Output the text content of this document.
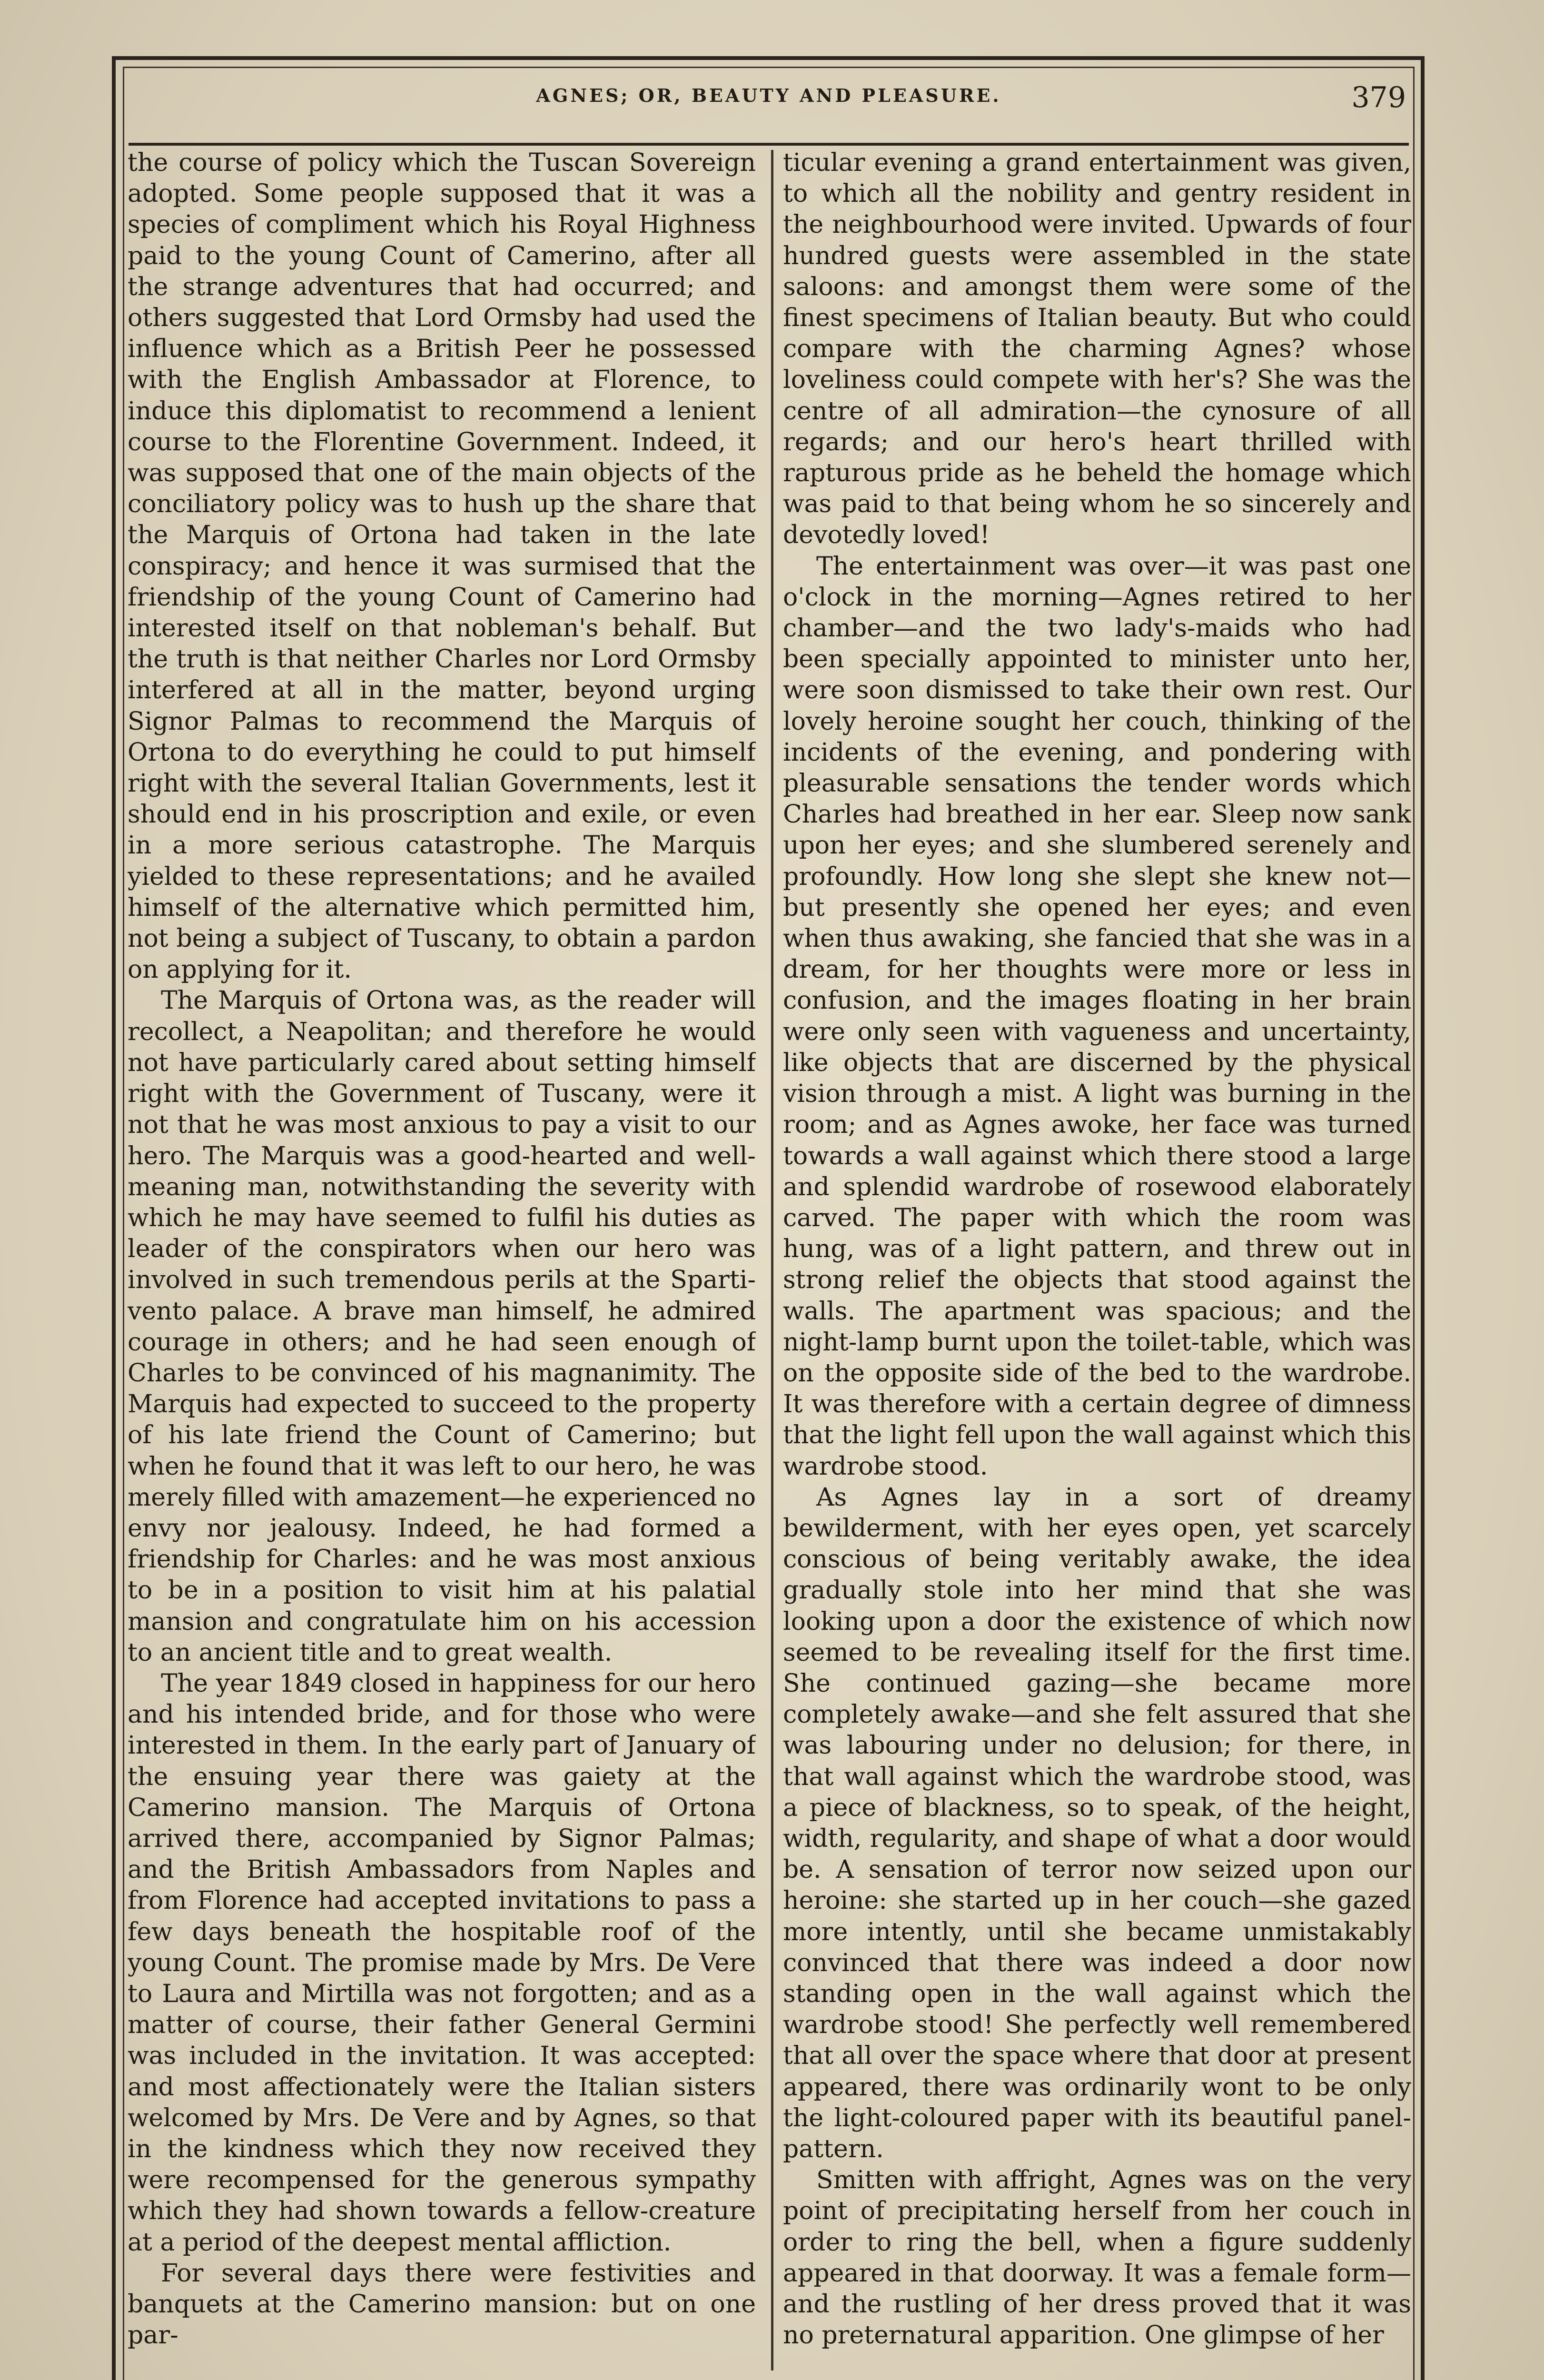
AGNES; OR, BEAUTY AND PLEASURE.	379

the course of policy which the Tuscan Sovereign adopted. Some people supposed that it was a species of compliment which his Royal Highness paid to the young Count of Camerino, after all the strange adventures that had occurred; and others suggested that Lord Ormsby had used the influence which as a British Peer he possessed with the English Ambassador at Florence, to induce this diplomatist to recommend a lenient course to the Florentine Government. Indeed, it was supposed that one of the main objects of the conciliatory policy was to hush up the share that the Marquis of Ortona had taken in the late conspiracy; and hence it was surmised that the friendship of the young Count of Camerino had interested itself on that nobleman's behalf. But the truth is that neither Charles nor Lord Ormsby interfered at all in the matter, beyond urging Signor Palmas to recommend the Marquis of Ortona to do everything he could to put himself right with the several Italian Governments, lest it should end in his proscription and exile, or even in a more serious catastrophe. The Marquis yielded to these representations; and he availed himself of the alternative which permitted him, not being a subject of Tuscany, to obtain a pardon on applying for it.

The Marquis of Ortona was, as the reader will recollect, a Neapolitan; and therefore he would not have particularly cared about setting himself right with the Government of Tuscany, were it not that he was most anxious to pay a visit to our hero. The Marquis was a good-hearted and well-meaning man, notwithstanding the severity with which he may have seemed to fulfil his duties as leader of the conspirators when our hero was involved in such tremendous perils at the Sparti-vento palace. A brave man himself, he admired courage in others; and he had seen enough of Charles to be convinced of his magnanimity. The Marquis had expected to succeed to the property of his late friend the Count of Camerino; but when he found that it was left to our hero, he was merely filled with amazement—he experienced no envy nor jealousy. Indeed, he had formed a friendship for Charles: and he was most anxious to be in a position to visit him at his palatial mansion and congratulate him on his accession to an ancient title and to great wealth.

The year 1849 closed in happiness for our hero and his intended bride, and for those who were interested in them. In the early part of January of the ensuing year there was gaiety at the Camerino mansion. The Marquis of Ortona arrived there, accompanied by Signor Palmas; and the British Ambassadors from Naples and from Florence had accepted invitations to pass a few days beneath the hospitable roof of the young Count. The promise made by Mrs. De Vere to Laura and Mirtilla was not forgotten; and as a matter of course, their father General Germini was included in the invitation. It was accepted: and most affectionately were the Italian sisters welcomed by Mrs. De Vere and by Agnes, so that in the kindness which they now received they were recompensed for the generous sympathy which they had shown towards a fellow-creature at a period of the deepest mental affliction.

For several days there were festivities and banquets at the Camerino mansion: but on one par-

ticular evening a grand entertainment was given, to which all the nobility and gentry resident in the neighbourhood were invited. Upwards of four hundred guests were assembled in the state saloons: and amongst them were some of the finest specimens of Italian beauty. But who could compare with the charming Agnes? whose loveliness could compete with her's? She was the centre of all admiration—the cynosure of all regards; and our hero's heart thrilled with rapturous pride as he beheld the homage which was paid to that being whom he so sincerely and devotedly loved!

The entertainment was over—it was past one o'clock in the morning—Agnes retired to her chamber—and the two lady's-maids who had been specially appointed to minister unto her, were soon dismissed to take their own rest. Our lovely heroine sought her couch, thinking of the incidents of the evening, and pondering with pleasurable sensations the tender words which Charles had breathed in her ear. Sleep now sank upon her eyes; and she slumbered serenely and profoundly. How long she slept she knew not—but presently she opened her eyes; and even when thus awaking, she fancied that she was in a dream, for her thoughts were more or less in confusion, and the images floating in her brain were only seen with vagueness and uncertainty, like objects that are discerned by the physical vision through a mist. A light was burning in the room; and as Agnes awoke, her face was turned towards a wall against which there stood a large and splendid wardrobe of rosewood elaborately carved. The paper with which the room was hung, was of a light pattern, and threw out in strong relief the objects that stood against the walls. The apartment was spacious; and the night-lamp burnt upon the toilet-table, which was on the opposite side of the bed to the wardrobe. It was therefore with a certain degree of dimness that the light fell upon the wall against which this wardrobe stood.

As Agnes lay in a sort of dreamy bewilderment, with her eyes open, yet scarcely conscious of being veritably awake, the idea gradually stole into her mind that she was looking upon a door the existence of which now seemed to be revealing itself for the first time. She continued gazing—she became more completely awake—and she felt assured that she was labouring under no delusion; for there, in that wall against which the wardrobe stood, was a piece of blackness, so to speak, of the height, width, regularity, and shape of what a door would be. A sensation of terror now seized upon our heroine: she started up in her couch—she gazed more intently, until she became unmistakably convinced that there was indeed a door now standing open in the wall against which the wardrobe stood! She perfectly well remembered that all over the space where that door at present appeared, there was ordinarily wont to be only the light-coloured paper with its beautiful panel-pattern.

Smitten with affright, Agnes was on the very point of precipitating herself from her couch in order to ring the bell, when a figure suddenly appeared in that doorway. It was a female form—and the rustling of her dress proved that it was no preternatural apparition. One glimpse of her
